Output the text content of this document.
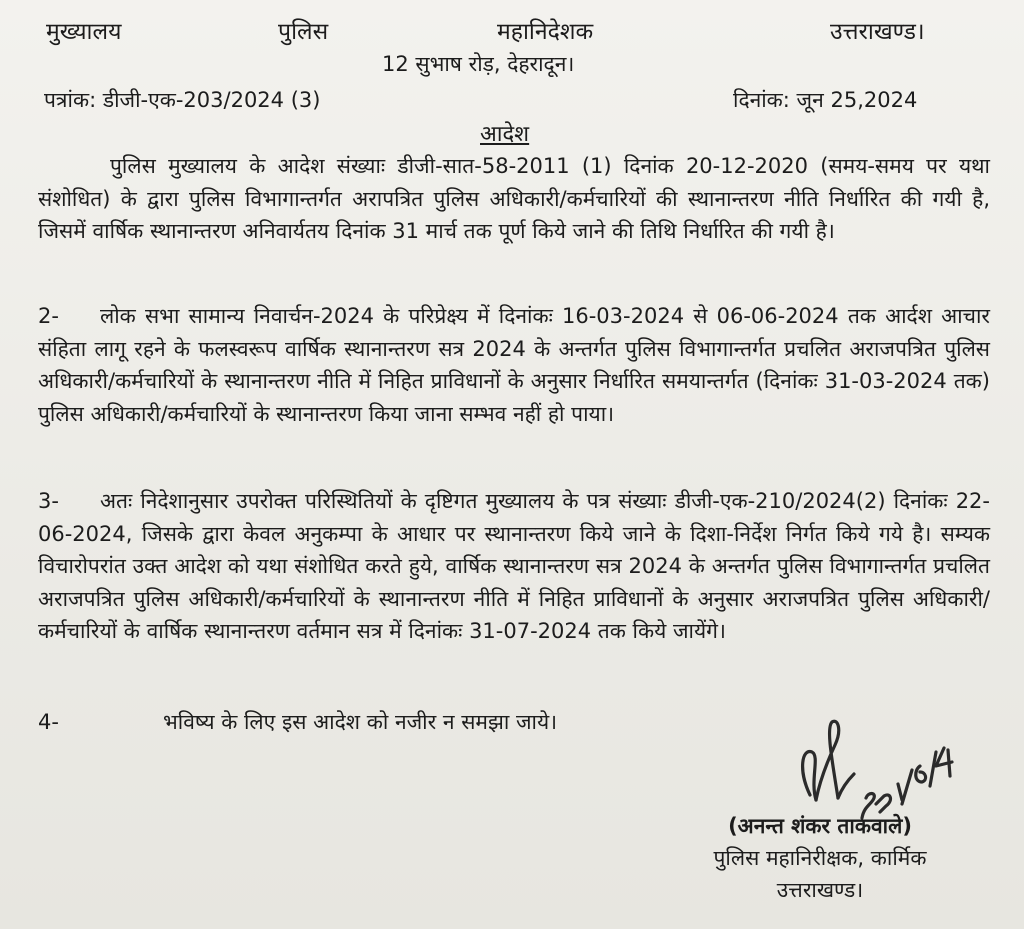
मुख्यालय	पुलिस	महानिदेशक	उत्तराखण्ड।
12 सुभाष रोड़, देहरादून।
पत्रांक: डीजी-एक-203/2024 (3)	दिनांक: जून 25,2024
आदेश
पुलिस मुख्यालय के आदेश संख्याः डीजी-सात-58-2011 (1) दिनांक 20-12-2020 (समय-समय पर यथा संशोधित) के द्वारा पुलिस विभागान्तर्गत अरापत्रित पुलिस अधिकारी/कर्मचारियों की स्थानान्तरण नीति निर्धारित की गयी है, जिसमें वार्षिक स्थानान्तरण अनिवार्यतय दिनांक 31 मार्च तक पूर्ण किये जाने की तिथि निर्धारित की गयी है।
2- लोक सभा सामान्य निवार्चन-2024 के परिप्रेक्ष्य में दिनांकः 16-03-2024 से 06-06-2024 तक आर्दश आचार संहिता लागू रहने के फलस्वरूप वार्षिक स्थानान्तरण सत्र 2024 के अन्तर्गत पुलिस विभागान्तर्गत प्रचलित अराजपत्रित पुलिस अधिकारी/कर्मचारियों के स्थानान्तरण नीति में निहित प्राविधानों के अनुसार निर्धारित समयान्तर्गत (दिनांकः 31-03-2024 तक) पुलिस अधिकारी/कर्मचारियों के स्थानान्तरण किया जाना सम्भव नहीं हो पाया।
3- अतः निदेशानुसार उपरोक्त परिस्थितियों के दृष्टिगत मुख्यालय के पत्र संख्याः डीजी-एक-210/2024(2) दिनांकः 22-06-2024, जिसके द्वारा केवल अनुकम्पा के आधार पर स्थानान्तरण किये जाने के दिशा-निर्देश निर्गत किये गये है। सम्यक विचारोपरांत उक्त आदेश को यथा संशोधित करते हुये, वार्षिक स्थानान्तरण सत्र 2024 के अन्तर्गत पुलिस विभागान्तर्गत प्रचलित अराजपत्रित पुलिस अधिकारी/कर्मचारियों के स्थानान्तरण नीति में निहित प्राविधानों के अनुसार अराजपत्रित पुलिस अधिकारी/कर्मचारियों के वार्षिक स्थानान्तरण वर्तमान सत्र में दिनांकः 31-07-2024 तक किये जायेंगे।
4-	भविष्य के लिए इस आदेश को नजीर न समझा जाये।
(अनन्त शंकर ताकवाले)
पुलिस महानिरीक्षक, कार्मिक
उत्तराखण्ड।
